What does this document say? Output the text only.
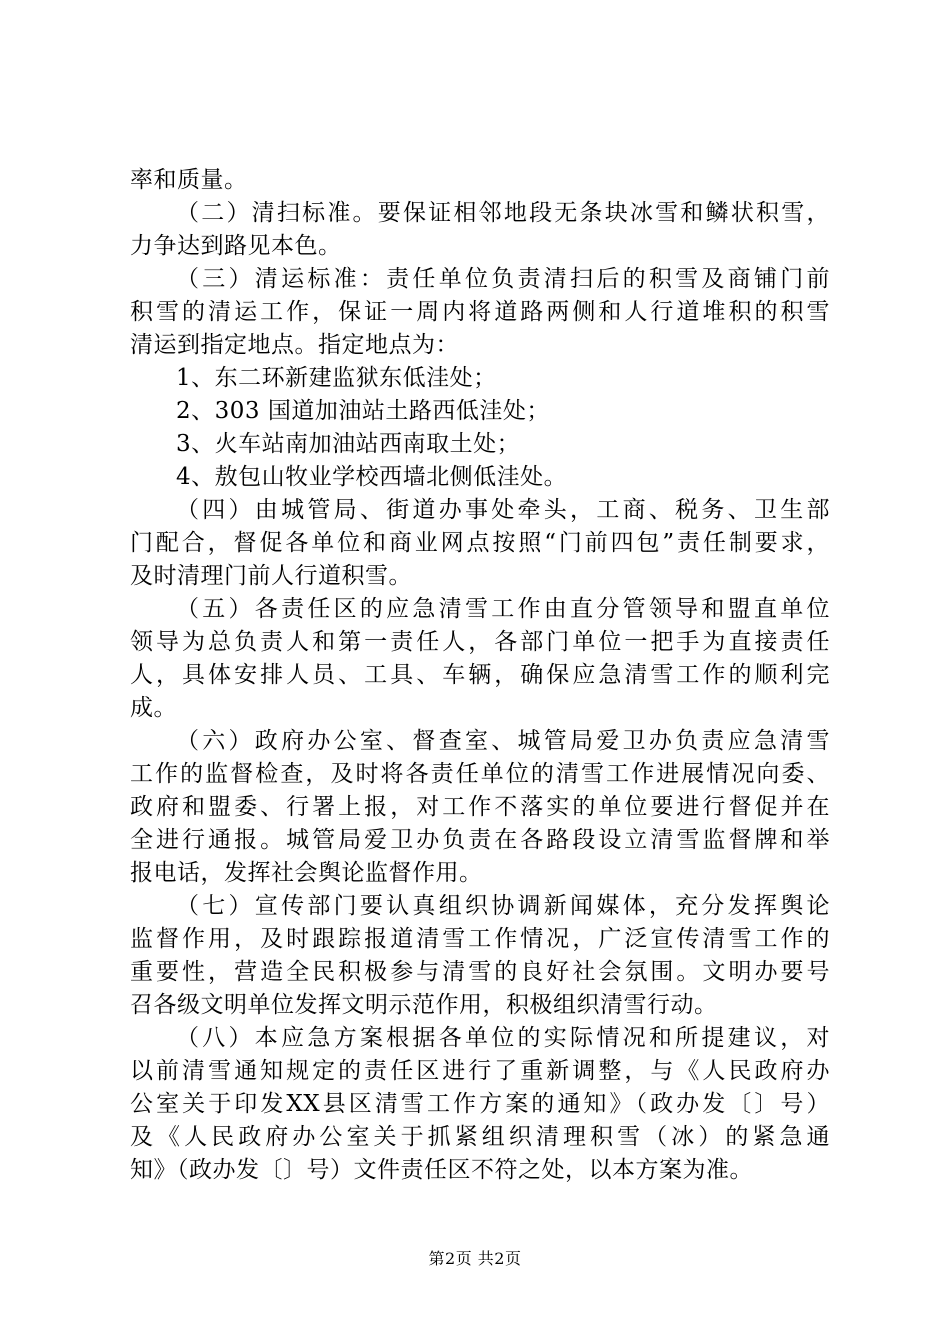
率和质量。
（二）清扫标准。要保证相邻地段无条块冰雪和鳞状积雪，
力争达到路见本色。
（三）清运标准：责任单位负责清扫后的积雪及商铺门前
积雪的清运工作，保证一周内将道路两侧和人行道堆积的积雪
清运到指定地点。指定地点为：
1、东二环新建监狱东低洼处；
2、303 国道加油站土路西低洼处；
3、火车站南加油站西南取土处；
4、敖包山牧业学校西墙北侧低洼处。
（四）由城管局、街道办事处牵头，工商、税务、卫生部
门配合，督促各单位和商业网点按照“门前四包”责任制要求，
及时清理门前人行道积雪。
（五）各责任区的应急清雪工作由直分管领导和盟直单位
领导为总负责人和第一责任人，各部门单位一把手为直接责任
人，具体安排人员、工具、车辆，确保应急清雪工作的顺利完
成。
（六）政府办公室、督查室、城管局爱卫办负责应急清雪
工作的监督检查，及时将各责任单位的清雪工作进展情况向委、
政府和盟委、行署上报，对工作不落实的单位要进行督促并在
全进行通报。城管局爱卫办负责在各路段设立清雪监督牌和举
报电话，发挥社会舆论监督作用。
（七）宣传部门要认真组织协调新闻媒体，充分发挥舆论
监督作用，及时跟踪报道清雪工作情况，广泛宣传清雪工作的
重要性，营造全民积极参与清雪的良好社会氛围。文明办要号
召各级文明单位发挥文明示范作用，积极组织清雪行动。
（八）本应急方案根据各单位的实际情况和所提建议，对
以前清雪通知规定的责任区进行了重新调整，与《人民政府办
公室关于印发XX县区清雪工作方案的通知》（政办发〔〕号）
及《人民政府办公室关于抓紧组织清理积雪（冰）的紧急通
知》（政办发〔〕号）文件责任区不符之处，以本方案为准。
第2页 共2页
